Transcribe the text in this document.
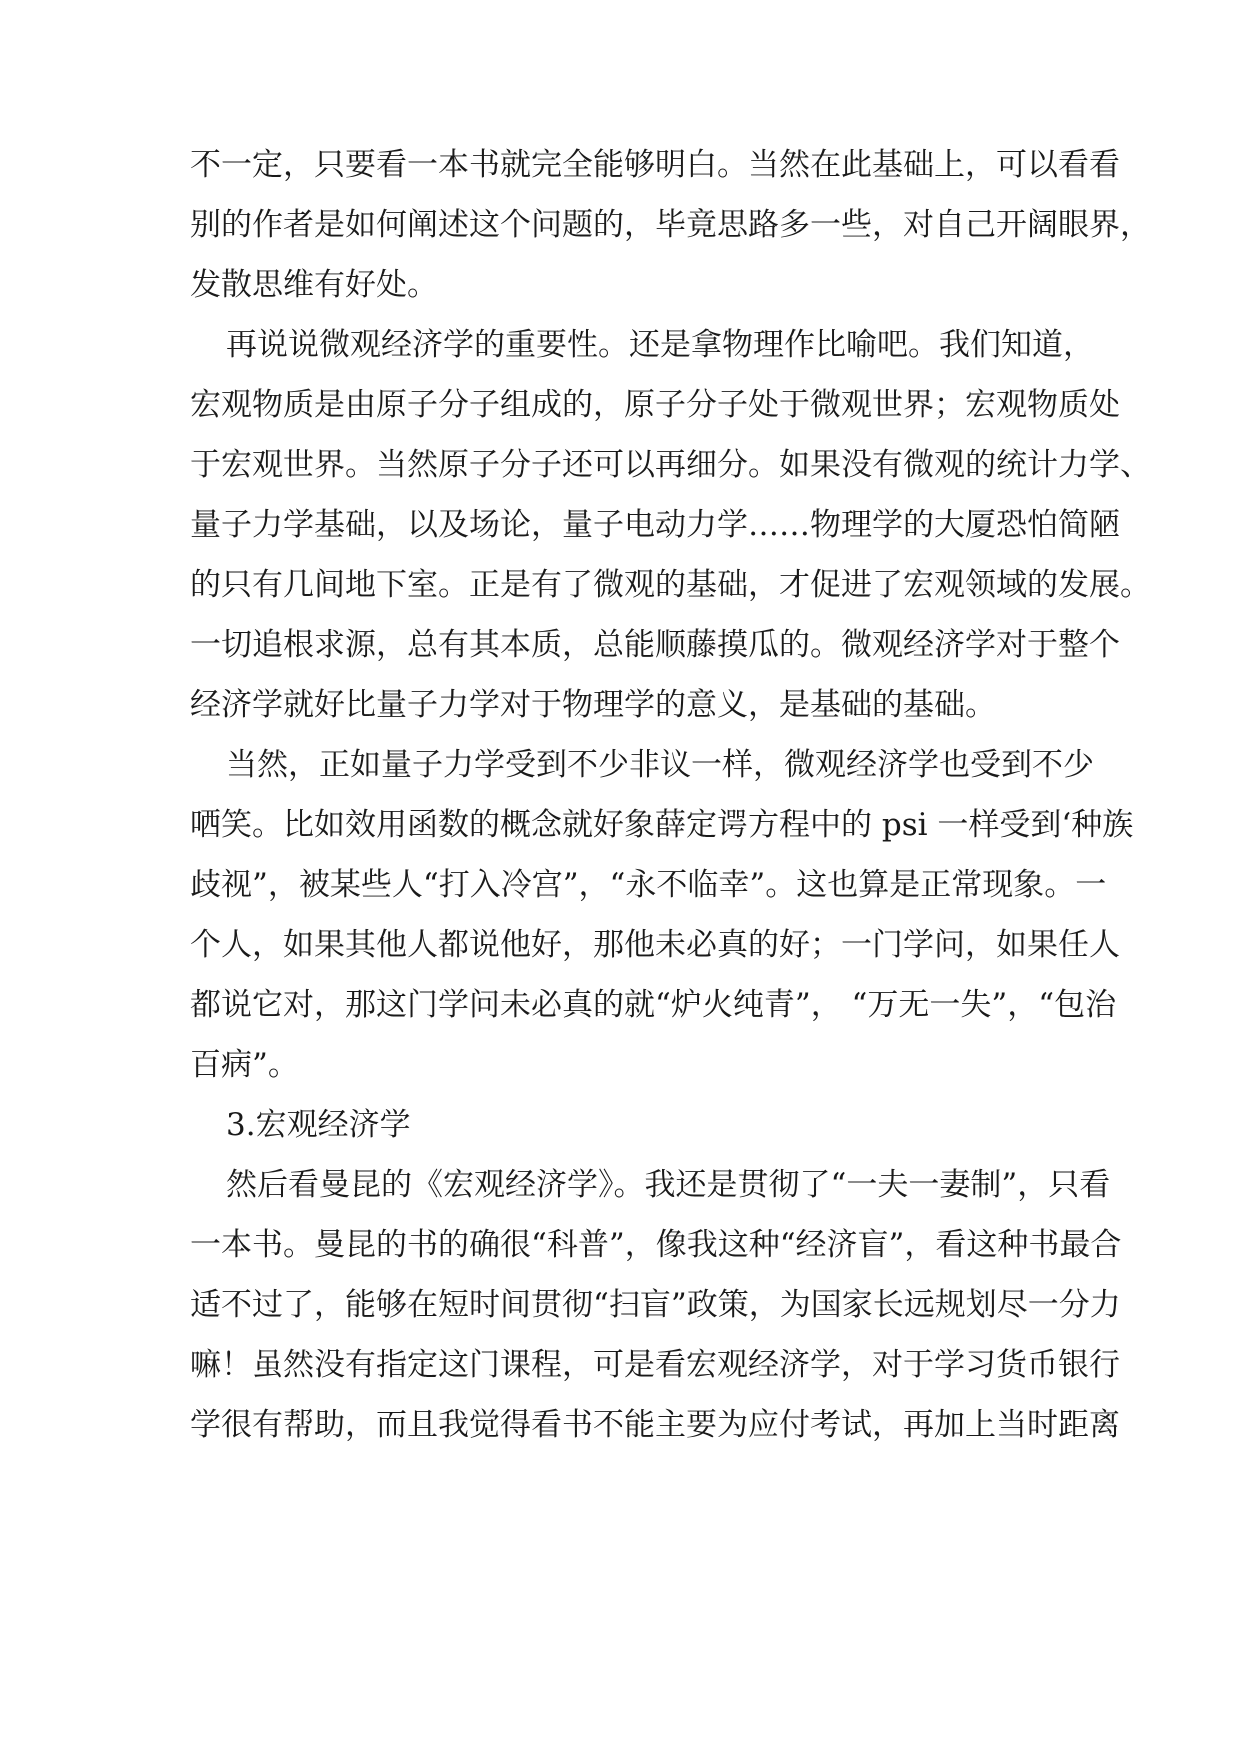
不一定，只要看一本书就完全能够明白。当然在此基础上，可以看看
别的作者是如何阐述这个问题的，毕竟思路多一些，对自己开阔眼界，
发散思维有好处。
再说说微观经济学的重要性。还是拿物理作比喻吧。我们知道，
宏观物质是由原子分子组成的，原子分子处于微观世界；宏观物质处
于宏观世界。当然原子分子还可以再细分。如果没有微观的统计力学、
量子力学基础，以及场论，量子电动力学……物理学的大厦恐怕简陋
的只有几间地下室。正是有了微观的基础，才促进了宏观领域的发展。
一切追根求源，总有其本质，总能顺藤摸瓜的。微观经济学对于整个
经济学就好比量子力学对于物理学的意义，是基础的基础。
当然，正如量子力学受到不少非议一样，微观经济学也受到不少
哂笑。比如效用函数的概念就好象薛定谔方程中的 psi 一样受到‘种族
歧视”，被某些人“打入冷宫”，“永不临幸”。这也算是正常现象。一
个人，如果其他人都说他好，那他未必真的好；一门学问，如果任人
都说它对，那这门学问未必真的就“炉火纯青”， “万无一失”，“包治
百病”。
3.宏观经济学
然后看曼昆的《宏观经济学》。我还是贯彻了“一夫一妻制”，只看
一本书。曼昆的书的确很“科普”，像我这种“经济盲”，看这种书最合
适不过了，能够在短时间贯彻“扫盲”政策，为国家长远规划尽一分力
嘛！虽然没有指定这门课程，可是看宏观经济学，对于学习货币银行
学很有帮助，而且我觉得看书不能主要为应付考试，再加上当时距离
